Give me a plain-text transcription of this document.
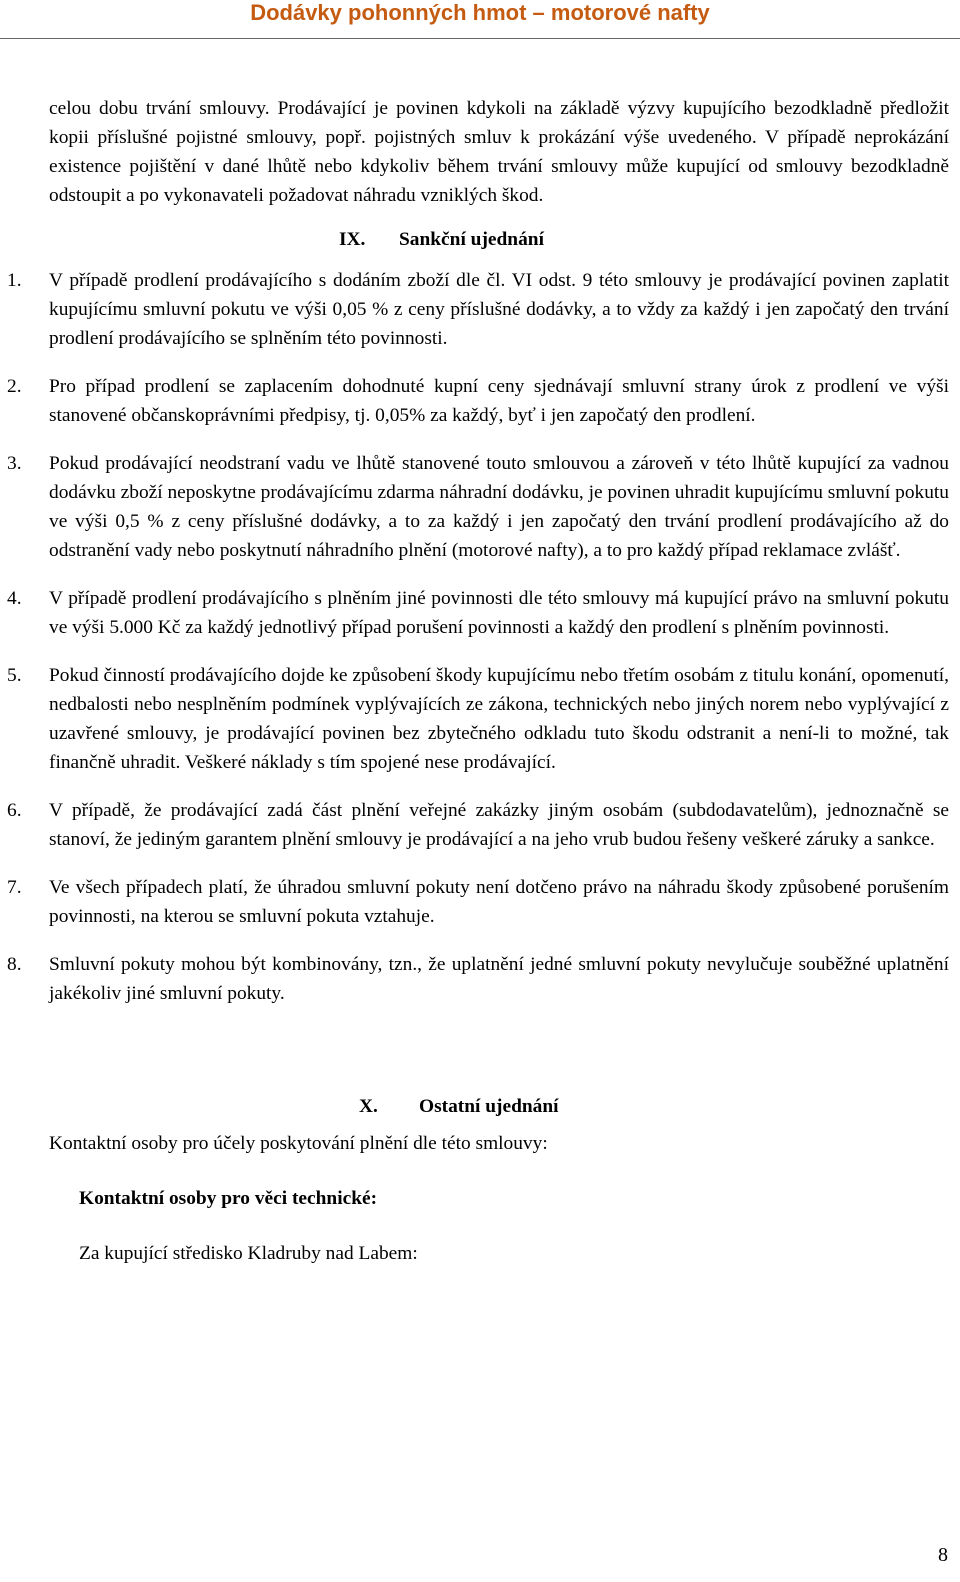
Dodávky pohonných hmot – motorové nafty

celou dobu trvání smlouvy. Prodávající je povinen kdykoli na základě výzvy kupujícího bezodkladně předložit kopii příslušné pojistné smlouvy, popř. pojistných smluv k prokázání výše uvedeného. V případě neprokázání existence pojištění v dané lhůtě nebo kdykoliv během trvání smlouvy může kupující od smlouvy bezodkladně odstoupit a po vykonavateli požadovat náhradu vzniklých škod.

IX. Sankční ujednání
1. V případě prodlení prodávajícího s dodáním zboží dle čl. VI odst. 9 této smlouvy je prodávající povinen zaplatit kupujícímu smluvní pokutu ve výši 0,05 % z ceny příslušné dodávky, a to vždy za každý i jen započatý den trvání prodlení prodávajícího se splněním této povinnosti.
2. Pro případ prodlení se zaplacením dohodnuté kupní ceny sjednávají smluvní strany úrok z prodlení ve výši stanovené občanskoprávními předpisy, tj. 0,05% za každý, byť i jen započatý den prodlení.
3. Pokud prodávající neodstraní vadu ve lhůtě stanovené touto smlouvou a zároveň v této lhůtě kupující za vadnou dodávku zboží neposkytne prodávajícímu zdarma náhradní dodávku, je povinen uhradit kupujícímu smluvní pokutu ve výši 0,5 % z ceny příslušné dodávky, a to za každý i jen započatý den trvání prodlení prodávajícího až do odstranění vady nebo poskytnutí náhradního plnění (motorové nafty), a to pro každý případ reklamace zvlášť.
4. V případě prodlení prodávajícího s plněním jiné povinnosti dle této smlouvy má kupující právo na smluvní pokutu ve výši 5.000 Kč za každý jednotlivý případ porušení povinnosti a každý den prodlení s plněním povinnosti.
5. Pokud činností prodávajícího dojde ke způsobení škody kupujícímu nebo třetím osobám z titulu konání, opomenutí, nedbalosti nebo nesplněním podmínek vyplývajících ze zákona, technických nebo jiných norem nebo vyplývající z uzavřené smlouvy, je prodávající povinen bez zbytečného odkladu tuto škodu odstranit a není-li to možné, tak finančně uhradit. Veškeré náklady s tím spojené nese prodávající.
6. V případě, že prodávající zadá část plnění veřejné zakázky jiným osobám (subdodavatelům), jednoznačně se stanoví, že jediným garantem plnění smlouvy je prodávající a na jeho vrub budou řešeny veškeré záruky a sankce.
7. Ve všech případech platí, že úhradou smluvní pokuty není dotčeno právo na náhradu škody způsobené porušením povinnosti, na kterou se smluvní pokuta vztahuje.
8. Smluvní pokuty mohou být kombinovány, tzn., že uplatnění jedné smluvní pokuty nevylučuje souběžné uplatnění jakékoliv jiné smluvní pokuty.
X. Ostatní ujednání

Kontaktní osoby pro účely poskytování plnění dle této smlouvy:

Kontaktní osoby pro věci technické:

Za kupující středisko Kladruby nad Labem:

8
